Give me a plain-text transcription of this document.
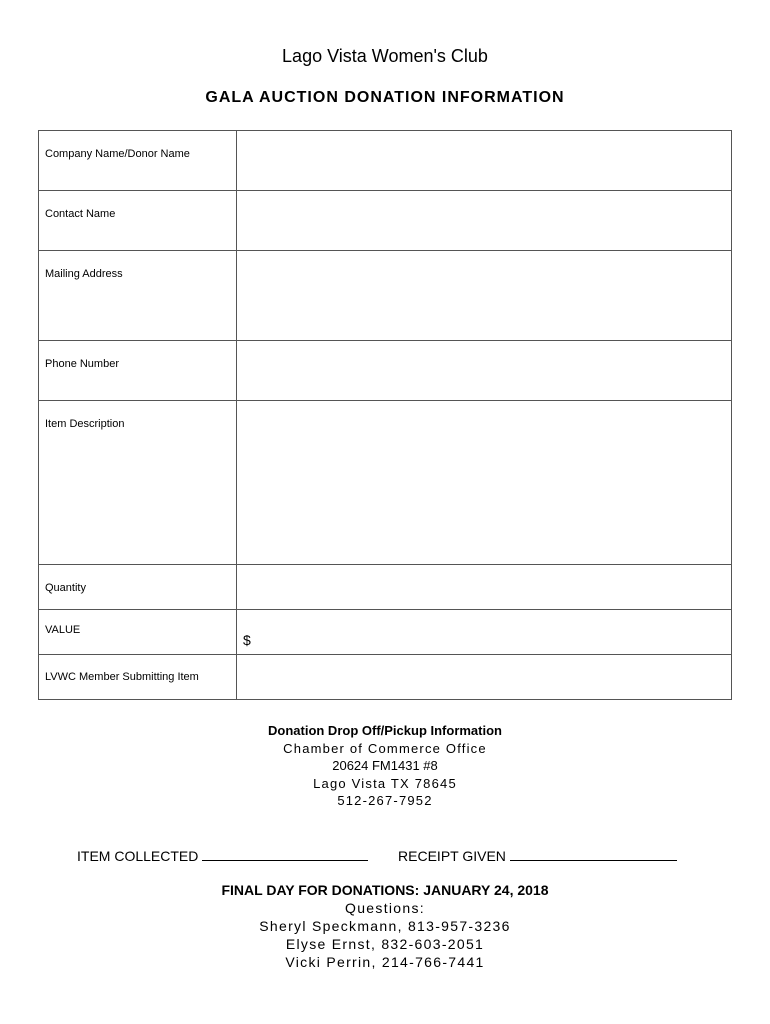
Lago Vista Women's Club
GALA AUCTION DONATION INFORMATION
Company Name/Donor Name	
Contact Name	
Mailing Address	
Phone Number	
Item Description	
Quantity	
VALUE	$

LVWC Member Submitting Item	
Donation Drop Off/Pickup Information
Chamber of Commerce Office
20624 FM1431 #8
Lago Vista TX 78645
512-267-7952
ITEM COLLECTED	RECEIPT GIVEN
FINAL DAY FOR DONATIONS: JANUARY 24, 2018
Questions:
Sheryl Speckmann, 813-957-3236
Elyse Ernst, 832-603-2051
Vicki Perrin, 214-766-7441
